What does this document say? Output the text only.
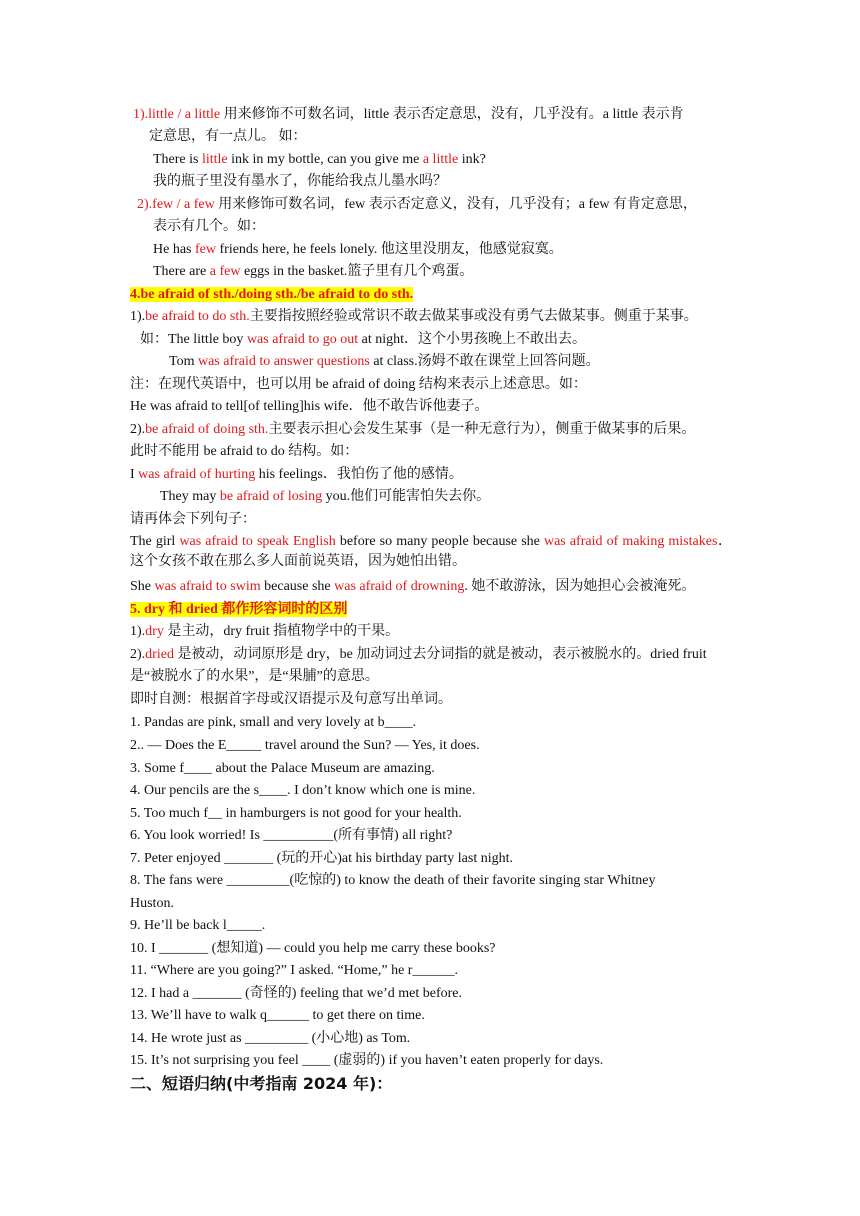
1).little / a little 用来修饰不可数名词，little 表示否定意思，没有，几乎没有。a little 表示肯
定意思，有一点儿。 如：
There is little ink in my bottle, can you give me a little ink?
我的瓶子里没有墨水了，你能给我点儿墨水吗？
2).few / a few 用来修饰可数名词，few 表示否定意义，没有，几乎没有；a few 有肯定意思，
表示有几个。如：
He has few friends here, he feels lonely. 他这里没朋友，他感觉寂寞。
There are a few eggs in the basket.篮子里有几个鸡蛋。
4.be afraid of sth./doing sth./be afraid to do sth.
1).be afraid to do sth.主要指按照经验或常识不敢去做某事或没有勇气去做某事。侧重于某事。
如：The little boy was afraid to go out at night．这个小男孩晚上不敢出去。
Tom was afraid to answer questions at class.汤姆不敢在课堂上回答问题。
注：在现代英语中，也可以用 be afraid of doing 结构来表示上述意思。如：
He was afraid to tell[of telling]his wife．他不敢告诉他妻子。
2).be afraid of doing sth.主要表示担心会发生某事（是一种无意行为），侧重于做某事的后果。
此时不能用 be afraid to do 结构。如：
I was afraid of hurting his feelings．我怕伤了他的感情。
They may be afraid of losing you.他们可能害怕失去你。
请再体会下列句子：
The girl was afraid to speak English before so many people because she was afraid of making mistakes．这个女孩不敢在那么多人面前说英语，因为她怕出错。
She was afraid to swim because she was afraid of drowning. 她不敢游泳，因为她担心会被淹死。
5. dry 和 dried 都作形容词时的区别
1).dry 是主动，dry fruit 指植物学中的干果。
2).dried 是被动，动词原形是 dry，be 加动词过去分词指的就是被动，表示被脱水的。dried fruit
是“被脱水了的水果”，是“果脯”的意思。
即时自测：根据首字母或汉语提示及句意写出单词。
1. Pandas are pink, small and very lovely at b____.
2.. — Does the E_____ travel around the Sun? — Yes, it does.
3. Some f____ about the Palace Museum are amazing.
4. Our pencils are the s____. I don’t know which one is mine.
5. Too much f__ in hamburgers is not good for your health.
6. You look worried! Is __________(所有事情) all right?
7. Peter enjoyed _______ (玩的开心)at his birthday party last night.
8. The fans were _________(吃惊的) to know the death of their favorite singing star Whitney
Huston.
9. He’ll be back l_____.
10. I _______ (想知道) — could you help me carry these books?
11. “Where are you going?” I asked. “Home,” he r______.
12. I had a _______ (奇怪的) feeling that we’d met before.
13. We’ll have to walk q______ to get there on time.
14. He wrote just as _________ (小心地) as Tom.
15. It’s not surprising you feel ____ (虚弱的) if you haven’t eaten properly for days.
二、短语归纳(中考指南 2024 年)：
